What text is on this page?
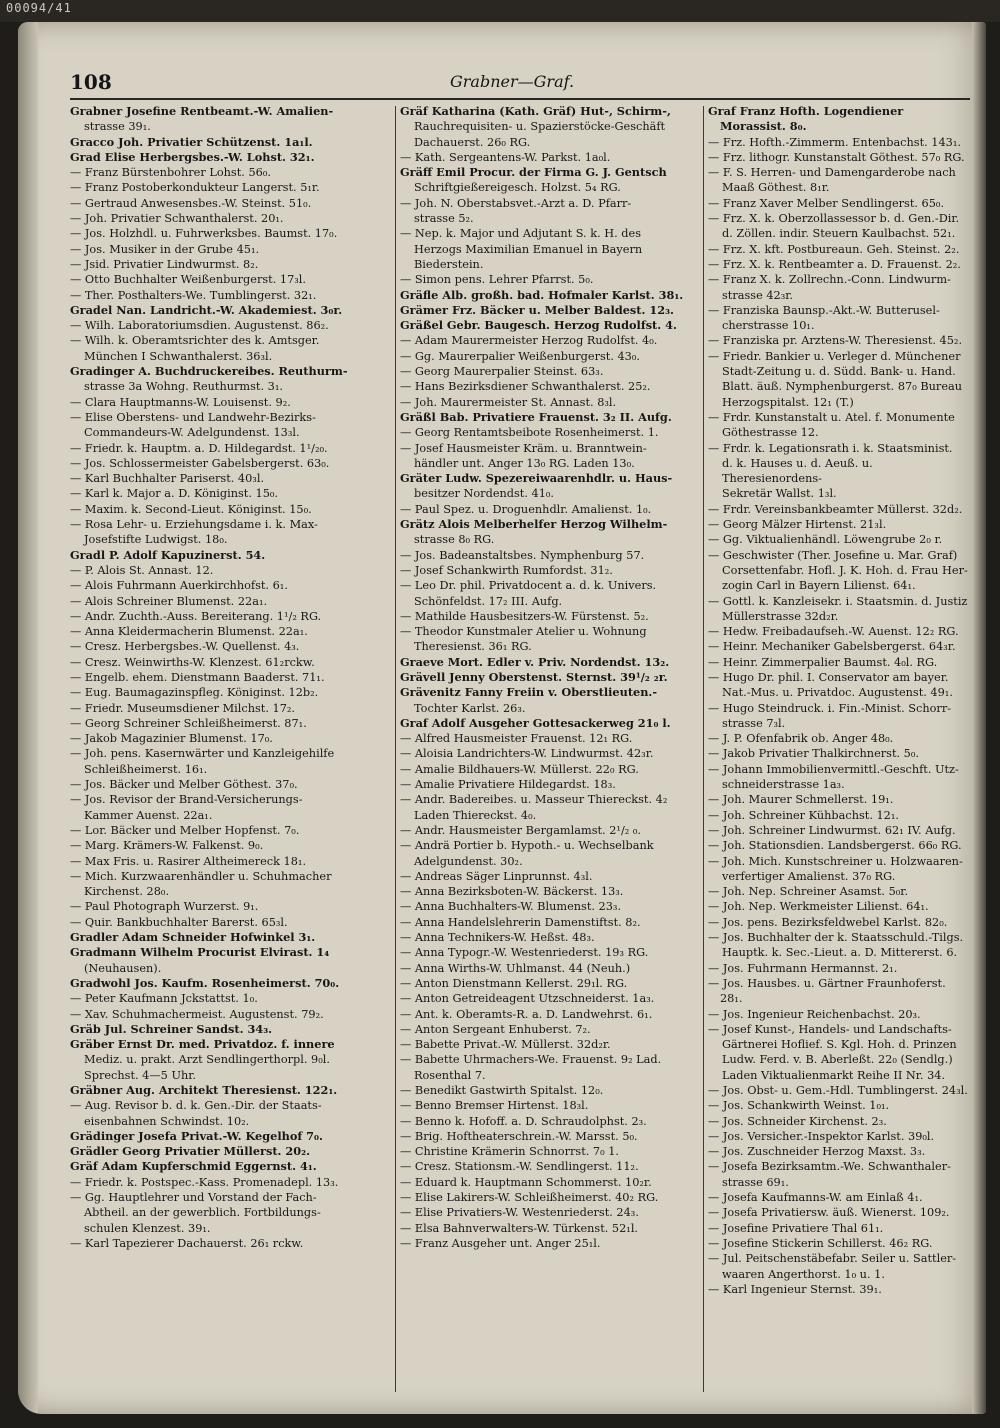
00094/41
108	Grabner—Graf.
Grabner Josefine Rentbeamt.-W. Amalien-
strasse 39₁.
Gracco Joh. Privatier Schützenst. 1a₁l.
Grad Elise Herbergsbes.-W. Lohst. 32₁.
— Franz Bürstenbohrer Lohst. 56₀.
— Franz Postoberkondukteur Langerst. 5₁r.
— Gertraud Anwesensbes.-W. Steinst. 51₀.
— Joh. Privatier Schwanthalerst. 20₁.
— Jos. Holzhdl. u. Fuhrwerksbes. Baumst. 17₀.
— Jos. Musiker in der Grube 45₁.
— Jsid. Privatier Lindwurmst. 8₂.
— Otto Buchhalter Weißenburgerst. 17₃l.
— Ther. Posthalters-We. Tumblingerst. 32₁.
Gradel Nan. Landricht.-W. Akademiest. 3₀r.
— Wilh. Laboratoriumsdien. Augustenst. 86₂.
— Wilh. k. Oberamtsrichter des k. Amtsger.
München I Schwanthalerst. 36₃l.
Gradinger A. Buchdruckereibes. Reuthurm-
strasse 3a Wohng. Reuthurmst. 3₁.
— Clara Hauptmanns-W. Louisenst. 9₂.
— Elise Oberstens- und Landwehr-Bezirks-
Commandeurs-W. Adelgundenst. 13₃l.
— Friedr. k. Hauptm. a. D. Hildegardst. 1¹/₂₀.
— Jos. Schlossermeister Gabelsbergerst. 63₀.
— Karl Buchhalter Pariserst. 40₃l.
— Karl k. Major a. D. Königinst. 15₀.
— Maxim. k. Second-Lieut. Königinst. 15₀.
— Rosa Lehr- u. Erziehungsdame i. k. Max-
Josefstifte Ludwigst. 18₀.
Gradl P. Adolf Kapuzinerst. 54.
— P. Alois St. Annast. 12.
— Alois Fuhrmann Auerkirchhofst. 6₁.
— Alois Schreiner Blumenst. 22a₁.
— Andr. Zuchth.-Auss. Bereiterang. 1¹/₂ RG.
— Anna Kleidermacherin Blumenst. 22a₁.
— Cresz. Herbergsbes.-W. Quellenst. 4₃.
— Cresz. Weinwirths-W. Klenzest. 61₂rckw.
— Engelb. ehem. Dienstmann Baaderst. 71₁.
— Eug. Baumagazinspfleg. Königinst. 12b₂.
— Friedr. Museumsdiener Milchst. 17₂.
— Georg Schreiner Schleißheimerst. 87₁.
— Jakob Magazinier Blumenst. 17₀.
— Joh. pens. Kasernwärter und Kanzleigehilfe
Schleißheimerst. 16₁.
— Jos. Bäcker und Melber Göthest. 37₀.
— Jos. Revisor der Brand-Versicherungs-
Kammer Auenst. 22a₁.
— Lor. Bäcker und Melber Hopfenst. 7₀.
— Marg. Krämers-W. Falkenst. 9₀.
— Max Fris. u. Rasirer Altheimereck 18₁.
— Mich. Kurzwaarenhändler u. Schuhmacher
Kirchenst. 28₀.
— Paul Photograph Wurzerst. 9₁.
— Quir. Bankbuchhalter Barerst. 65₃l.
Gradler Adam Schneider Hofwinkel 3₁.
Gradmann Wilhelm Procurist Elvirast. 1₄
(Neuhausen).
Gradwohl Jos. Kaufm. Rosenheimerst. 70₀.
— Peter Kaufmann Jckstattst. 1₀.
— Xav. Schuhmachermeist. Augustenst. 79₂.
Gräb Jul. Schreiner Sandst. 34₃.
Gräber Ernst Dr. med. Privatdoz. f. innere
Mediz. u. prakt. Arzt Sendlingerthorpl. 9₀l.
Sprechst. 4—5 Uhr.
Gräbner Aug. Architekt Theresienst. 122₁.
— Aug. Revisor b. d. k. Gen.-Dir. der Staats-
eisenbahnen Schwindst. 10₂.
Grädinger Josefa Privat.-W. Kegelhof 7₀.
Grädler Georg Privatier Müllerst. 20₂.
Gräf Adam Kupferschmid Eggernst. 4₁.
— Friedr. k. Postspec.-Kass. Promenadepl. 13₃.
— Gg. Hauptlehrer und Vorstand der Fach-
Abtheil. an der gewerblich. Fortbildungs-
schulen Klenzest. 39₁.
— Karl Tapezierer Dachauerst. 26₁ rckw.
Gräf Katharina (Kath. Gräf) Hut-, Schirm-,
Rauchrequisiten- u. Spazierstöcke-Geschäft
Dachauerst. 26₀ RG.
— Kath. Sergeantens-W. Parkst. 1a₀l.
Gräff Emil Procur. der Firma G. J. Gentsch
Schriftgießereigesch. Holzst. 5₄ RG.
— Joh. N. Oberstabsvet.-Arzt a. D. Pfarr-
strasse 5₂.
— Nep. k. Major und Adjutant S. k. H. des
Herzogs Maximilian Emanuel in Bayern
Biederstein.
— Simon pens. Lehrer Pfarrst. 5₀.
Gräfle Alb. großh. bad. Hofmaler Karlst. 38₁.
Grämer Frz. Bäcker u. Melber Baldest. 12₃.
Gräßel Gebr. Baugesch. Herzog Rudolfst. 4.
— Adam Maurermeister Herzog Rudolfst. 4₀.
— Gg. Maurerpalier Weißenburgerst. 43₀.
— Georg Maurerpalier Steinst. 63₃.
— Hans Bezirksdiener Schwanthalerst. 25₂.
— Joh. Maurermeister St. Annast. 8₃l.
Gräßl Bab. Privatiere Frauenst. 3₂ II. Aufg.
— Georg Rentamtsbeibote Rosenheimerst. 1.
— Josef Hausmeister Kräm. u. Branntwein-
händler unt. Anger 13₀ RG. Laden 13₀.
Gräter Ludw. Spezereiwaarenhdlr. u. Haus-
besitzer Nordendst. 41₀.
— Paul Spez. u. Droguenhdlr. Amalienst. 1₀.
Grätz Alois Melberhelfer Herzog Wilhelm-
strasse 8₀ RG.
— Jos. Badeanstaltsbes. Nymphenburg 57.
— Josef Schankwirth Rumfordst. 31₂.
— Leo Dr. phil. Privatdocent a. d. k. Univers.
Schönfeldst. 17₂ III. Aufg.
— Mathilde Hausbesitzers-W. Fürstenst. 5₂.
— Theodor Kunstmaler Atelier u. Wohnung
Theresienst. 36₁ RG.
Graeve Mort. Edler v. Priv. Nordendst. 13₂.
Grävell Jenny Oberstenst. Sternst. 39¹/₂ ₂r.
Grävenitz Fanny Freiin v. Oberstlieuten.-
Tochter Karlst. 26₃.
Graf Adolf Ausgeher Gottesackerweg 21₀ l.
— Alfred Hausmeister Frauenst. 12₁ RG.
— Aloisia Landrichters-W. Lindwurmst. 42₃r.
— Amalie Bildhauers-W. Müllerst. 22₀ RG.
— Amalie Privatiere Hildegardst. 18₃.
— Andr. Badereibes. u. Masseur Thiereckst. 4₂
Laden Thiereckst. 4₀.
— Andr. Hausmeister Bergamlamst. 2¹/₂ ₀.
— Andrä Portier b. Hypoth.- u. Wechselbank
Adelgundenst. 30₂.
— Andreas Säger Linprunnst. 4₃l.
— Anna Bezirksboten-W. Bäckerst. 13₃.
— Anna Buchhalters-W. Blumenst. 23₃.
— Anna Handelslehrerin Damenstiftst. 8₂.
— Anna Technikers-W. Heßst. 48₃.
— Anna Typogr.-W. Westenriederst. 19₃ RG.
— Anna Wirths-W. Uhlmanst. 44 (Neuh.)
— Anton Dienstmann Kellerst. 29₁l. RG.
— Anton Getreideagent Utzschneiderst. 1a₃.
— Ant. k. Oberamts-R. a. D. Landwehrst. 6₁.
— Anton Sergeant Enhuberst. 7₂.
— Babette Privat.-W. Müllerst. 32d₂r.
— Babette Uhrmachers-We. Frauenst. 9₂ Lad.
Rosenthal 7.
— Benedikt Gastwirth Spitalst. 12₀.
— Benno Bremser Hirtenst. 18₃l.
— Benno k. Hofoff. a. D. Schraudolphst. 2₃.
— Brig. Hoftheaterschrein.-W. Marsst. 5₀.
— Christine Krämerin Schnorrst. 7₀ 1.
— Cresz. Stationsm.-W. Sendlingerst. 11₂.
— Eduard k. Hauptmann Schommerst. 10₂r.
— Elise Lakirers-W. Schleißheimerst. 40₂ RG.
— Elise Privatiers-W. Westenriederst. 24₃.
— Elsa Bahnverwalters-W. Türkenst. 52₁l.
— Franz Ausgeher unt. Anger 25₁l.
Graf Franz Hofth. Logendiener Morassist. 8₀.
— Frz. Hofth.-Zimmerm. Entenbachst. 143₁.
— Frz. lithogr. Kunstanstalt Göthest. 57₀ RG.
— F. S. Herren- und Damengarderobe nach
Maaß Göthest. 8₁r.
— Franz Xaver Melber Sendlingerst. 65₀.
— Frz. X. k. Oberzollassessor b. d. Gen.-Dir.
d. Zöllen. indir. Steuern Kaulbachst. 52₁.
— Frz. X. kft. Postbureaun. Geh. Steinst. 2₂.
— Frz. X. k. Rentbeamter a. D. Frauenst. 2₂.
— Franz X. k. Zollrechn.-Conn. Lindwurm-
strasse 42₃r.
— Franziska Baunsp.-Akt.-W. Butterusel-
cherstrasse 10₁.
— Franziska pr. Arztens-W. Theresienst. 45₂.
— Friedr. Bankier u. Verleger d. Münchener
Stadt-Zeitung u. d. Südd. Bank- u. Hand.
Blatt. äuß. Nymphenburgerst. 87₀ Bureau
Herzogspitalst. 12₁ (T.)
— Frdr. Kunstanstalt u. Atel. f. Monumente
Göthestrasse 12.
— Frdr. k. Legationsrath i. k. Staatsminist.
d. k. Hauses u. d. Aeuß. u. Theresienordens-
Sekretär Wallst. 1₃l.
— Frdr. Vereinsbankbeamter Müllerst. 32d₂.
— Georg Mälzer Hirtenst. 21₃l.
— Gg. Viktualienhändl. Löwengrube 2₀ r.
— Geschwister (Ther. Josefine u. Mar. Graf)
Corsettenfabr. Hofl. J. K. Hoh. d. Frau Her-
zogin Carl in Bayern Lilienst. 64₁.
— Gottl. k. Kanzleisekr. i. Staatsmin. d. Justiz
Müllerstrasse 32d₂r.
— Hedw. Freibadaufseh.-W. Auenst. 12₂ RG.
— Heinr. Mechaniker Gabelsbergerst. 64₃r.
— Heinr. Zimmerpalier Baumst. 4₀l. RG.
— Hugo Dr. phil. I. Conservator am bayer.
Nat.-Mus. u. Privatdoc. Augustenst. 49₁.
— Hugo Steindruck. i. Fin.-Minist. Schorr-
strasse 7₃l.
— J. P. Ofenfabrik ob. Anger 48₀.
— Jakob Privatier Thalkirchnerst. 5₀.
— Johann Immobilienvermittl.-Geschft. Utz-
schneiderstrasse 1a₃.
— Joh. Maurer Schmellerst. 19₁.
— Joh. Schreiner Kühbachst. 12₁.
— Joh. Schreiner Lindwurmst. 62₁ IV. Aufg.
— Joh. Stationsdien. Landsbergerst. 66₀ RG.
— Joh. Mich. Kunstschreiner u. Holzwaaren-
verfertiger Amalienst. 37₀ RG.
— Joh. Nep. Schreiner Asamst. 5₀r.
— Joh. Nep. Werkmeister Lilienst. 64₁.
— Jos. pens. Bezirksfeldwebel Karlst. 82₀.
— Jos. Buchhalter der k. Staatsschuld.-Tilgs.
Hauptk. k. Sec.-Lieut. a. D. Mittererst. 6.
— Jos. Fuhrmann Hermannst. 2₁.
— Jos. Hausbes. u. Gärtner Fraunhoferst. 28₁.
— Jos. Ingenieur Reichenbachst. 20₃.
— Josef Kunst-, Handels- und Landschafts-
Gärtnerei Hoflief. S. Kgl. Hoh. d. Prinzen
Ludw. Ferd. v. B. Aberleßt. 22₀ (Sendlg.)
Laden Viktualienmarkt Reihe II Nr. 34.
— Jos. Obst- u. Gem.-Hdl. Tumblingerst. 24₃l.
— Jos. Schankwirth Weinst. 1₀₁.
— Jos. Schneider Kirchenst. 2₃.
— Jos. Versicher.-Inspektor Karlst. 39₀l.
— Jos. Zuschneider Herzog Maxst. 3₃.
— Josefa Bezirksamtm.-We. Schwanthaler-
strasse 69₁.
— Josefa Kaufmanns-W. am Einlaß 4₁.
— Josefa Privatiersw. äuß. Wienerst. 109₂.
— Josefine Privatiere Thal 61₁.
— Josefine Stickerin Schillerst. 46₂ RG.
— Jul. Peitschenstäbefabr. Seiler u. Sattler-
waaren Angerthorst. 1₀ u. 1.
— Karl Ingenieur Sternst. 39₁.
